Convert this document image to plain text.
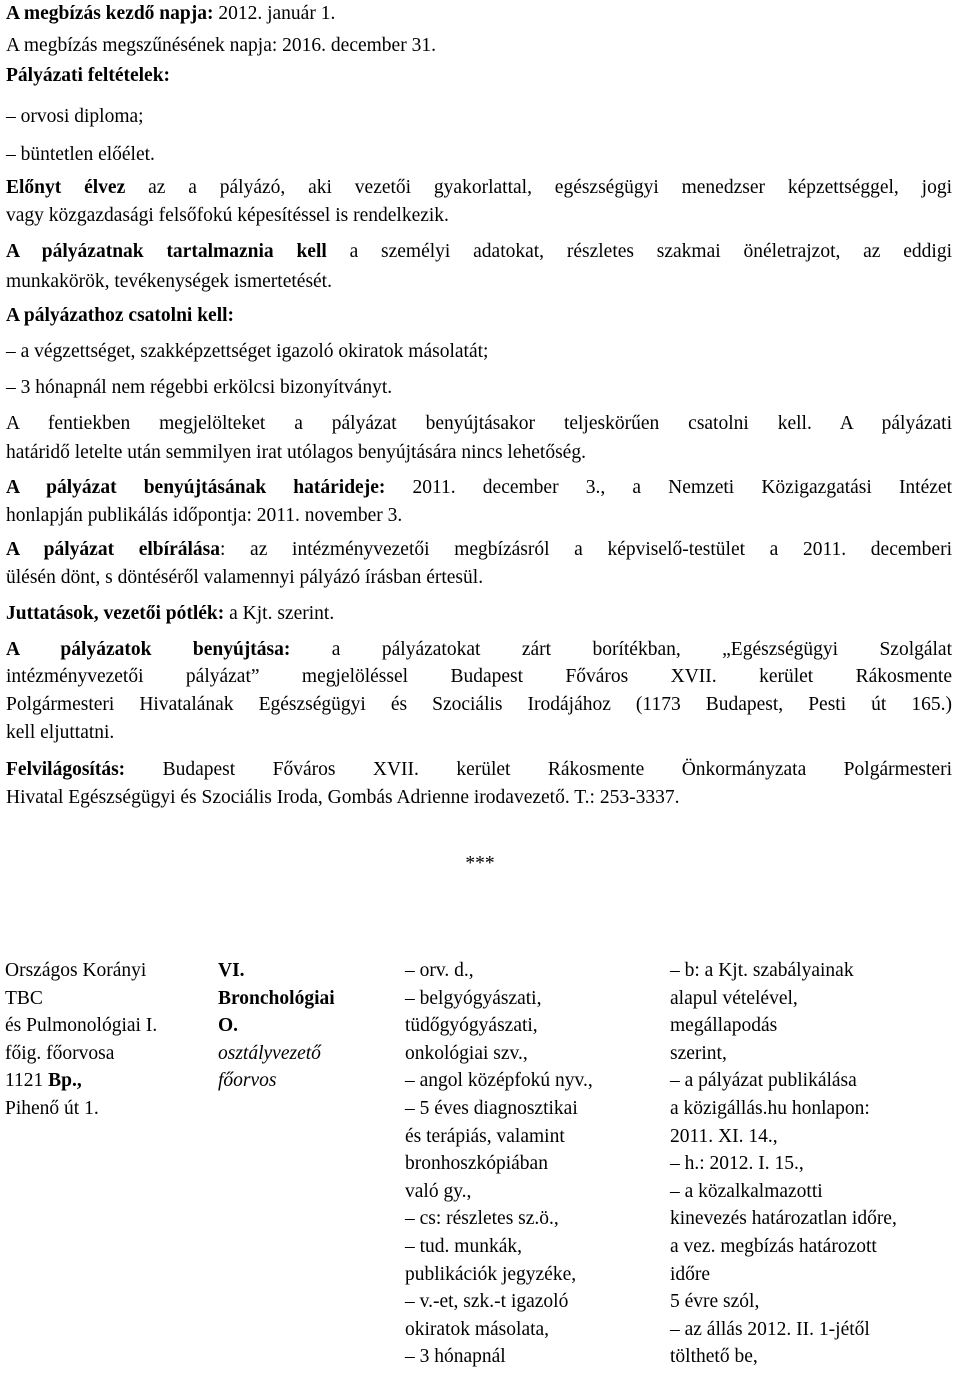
A megbízás kezdő napja: 2012. január 1.
A megbízás megszűnésének napja: 2016. december 31.
Pályázati feltételek:
– orvosi diploma;
– büntetlen előélet.
Előnyt élvez az a pályázó, aki vezetői gyakorlattal, egészségügyi menedzser képzettséggel, jogi
vagy közgazdasági felsőfokú képesítéssel is rendelkezik.
A pályázatnak tartalmaznia kell a személyi adatokat, részletes szakmai önéletrajzot, az eddigi
munkakörök, tevékenységek ismertetését.
A pályázathoz csatolni kell:
– a végzettséget, szakképzettséget igazoló okiratok másolatát;
– 3 hónapnál nem régebbi erkölcsi bizonyítványt.
A fentiekben megjelölteket a pályázat benyújtásakor teljeskörűen csatolni kell. A pályázati
határidő letelte után semmilyen irat utólagos benyújtására nincs lehetőség.
A pályázat benyújtásának határideje: 2011. december 3., a Nemzeti Közigazgatási Intézet
honlapján publikálás időpontja: 2011. november 3.
A pályázat elbírálása: az intézményvezetői megbízásról a képviselő-testület a 2011. decemberi
ülésén dönt, s döntéséről valamennyi pályázó írásban értesül.
Juttatások, vezetői pótlék: a Kjt. szerint.
A pályázatok benyújtása: a pályázatokat zárt borítékban, „Egészségügyi Szolgálat
intézményvezetői pályázat” megjelöléssel Budapest Főváros XVII. kerület Rákosmente
Polgármesteri Hivatalának Egészségügyi és Szociális Irodájához (1173 Budapest, Pesti út 165.)
kell eljuttatni.
Felvilágosítás: Budapest Főváros XVII. kerület Rákosmente Önkormányzata Polgármesteri
Hivatal Egészségügyi és Szociális Iroda, Gombás Adrienne irodavezető. T.: 253-3337.
***
Országos Korányi
TBC
és Pulmonológiai I.
főig. főorvosa
1121 Bp.,
Pihenő út 1.
VI.
Bronchológiai
O.
osztályvezető
főorvos
– orv. d.,
– belgyógyászati,
tüdőgyógyászati,
onkológiai szv.,
– angol középfokú nyv.,
– 5 éves diagnosztikai
és terápiás, valamint
bronhoszkópiában
való gy.,
– cs: részletes sz.ö.,
– tud. munkák,
publikációk jegyzéke,
– v.-et, szk.-t igazoló
okiratok másolata,
– 3 hónapnál
– b: a Kjt. szabályainak
alapul vételével,
megállapodás
szerint,
– a pályázat publikálása
a közigállás.hu honlapon:
2011. XI. 14.,
– h.: 2012. I. 15.,
– a közalkalmazotti
kinevezés határozatlan időre,
a vez. megbízás határozott
időre
5 évre szól,
– az állás 2012. II. 1-jétől
tölthető be,
